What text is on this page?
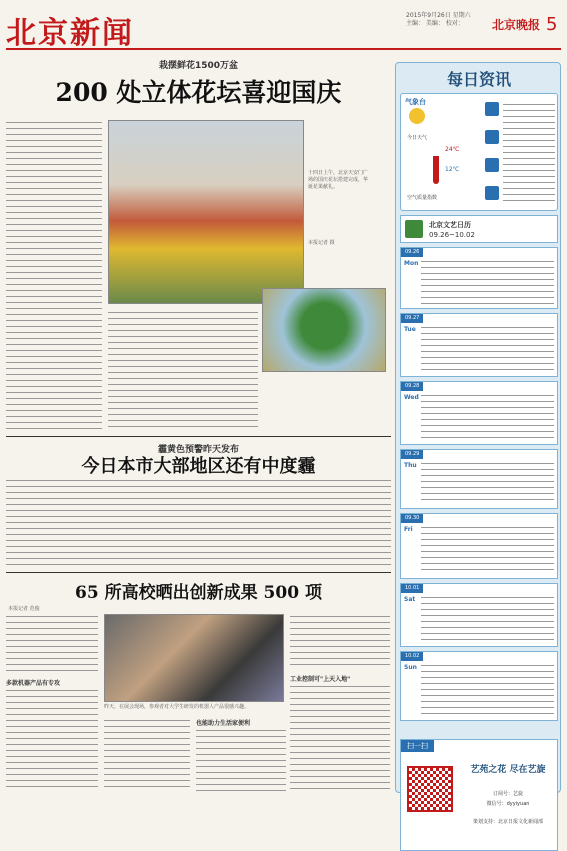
北京新闻
2015年9月26日 星期六
主编： 美编： 校对：	北京晚报 5
栽摆鲜花1500万盆
200 处立体花坛喜迎国庆
十四日上午，北京天安门广场的国庆花坛搭建完成，华诞花果献礼。
本报记者 摄
霾黄色预警昨天发布
今日本市大部地区还有中度霾
65 所高校晒出创新成果 500 项
本报记者 范俊
多款机器产品有专攻
昨天，在展会现场，参观者对大学生研发的机器人产品很感兴趣。
也能助力生活家便利
工业控制可"上天入地"
每日资讯
气象台
今日天气
24℃
12℃
空气质量指数
北京文艺日历
09.26~10.02
09.26
Mon
09.27
Tue
09.28
Wed
09.29
Thu
09.30
Fri
10.01
Sat
10.02
Sun
扫一扫
艺苑之花 尽在艺旋
订阅号：艺旋
微信号：dyyiyuan
策划支持：北京日报文化新闻部
